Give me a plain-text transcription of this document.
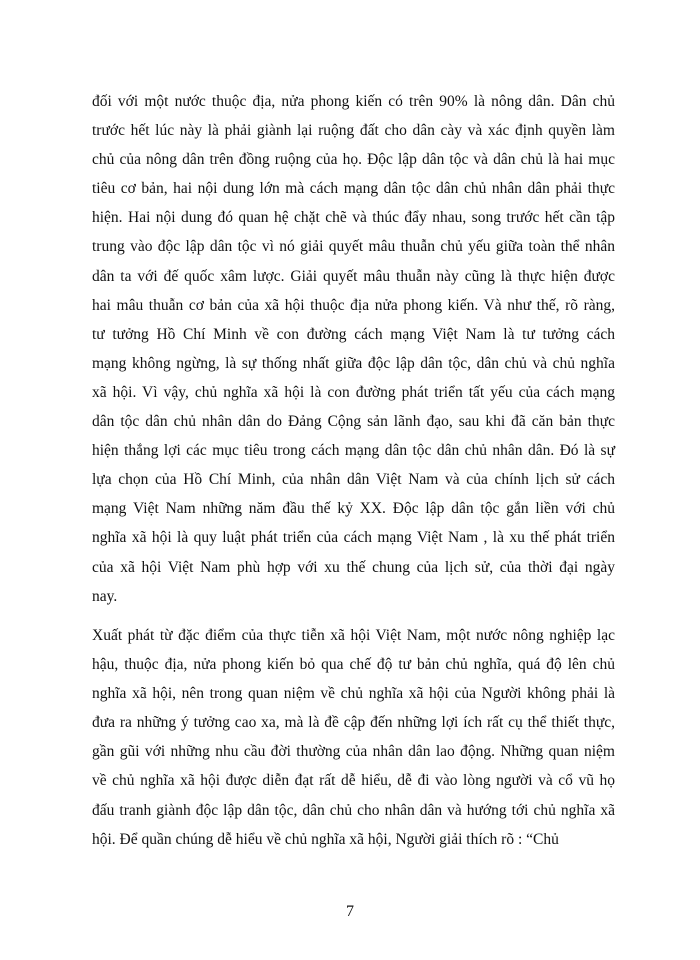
đối với một nước thuộc địa, nửa phong kiến có trên 90% là nông dân. Dân chủ
trước hết lúc này là phải giành lại ruộng đất cho dân cày và xác định quyền làm
chủ của nông dân trên đồng ruộng của họ. Độc lập dân tộc và dân chủ là hai mục
tiêu cơ bản, hai nội dung lớn mà cách mạng dân tộc dân chủ nhân dân phải thực
hiện. Hai nội dung đó quan hệ chặt chẽ và thúc đẩy nhau, song trước hết cần tập
trung vào độc lập dân tộc vì nó giải quyết mâu thuẫn chủ yếu giữa toàn thể nhân
dân ta với đế quốc xâm lược. Giải quyết mâu thuẫn này cũng là thực hiện được
hai mâu thuẫn cơ bản của xã hội thuộc địa nửa phong kiến. Và như thế, rõ ràng,
tư tưởng Hồ Chí Minh về con đường cách mạng Việt Nam là tư tưởng cách
mạng không ngừng, là sự thống nhất giữa độc lập dân tộc, dân chủ và chủ nghĩa
xã hội. Vì vậy, chủ nghĩa xã hội là con đường phát triển tất yếu của cách mạng
dân tộc dân chủ nhân dân do Đảng Cộng sản lãnh đạo, sau khi đã căn bản thực
hiện thắng lợi các mục tiêu trong cách mạng dân tộc dân chủ nhân dân. Đó là sự
lựa chọn của Hồ Chí Minh, của nhân dân Việt Nam và của chính lịch sử cách
mạng Việt Nam những năm đầu thế kỷ XX. Độc lập dân tộc gắn liền với chủ
nghĩa xã hội là quy luật phát triển của cách mạng Việt Nam , là xu thế phát triển
của xã hội Việt Nam phù hợp với xu thế chung của lịch sử, của thời đại ngày
nay.
Xuất phát từ đặc điểm của thực tiễn xã hội Việt Nam, một nước nông nghiệp lạc
hậu, thuộc địa, nửa phong kiến bỏ qua chế độ tư bản chủ nghĩa, quá độ lên chủ
nghĩa xã hội, nên trong quan niệm về chủ nghĩa xã hội của Người không phải là
đưa ra những ý tưởng cao xa, mà là đề cập đến những lợi ích rất cụ thể thiết thực,
gần gũi với những nhu cầu đời thường của nhân dân lao động. Những quan niệm
về chủ nghĩa xã hội được diễn đạt rất dễ hiểu, dễ đi vào lòng người và cổ vũ họ
đấu tranh giành độc lập dân tộc, dân chủ cho nhân dân và hướng tới chủ nghĩa xã
hội. Để quần chúng dễ hiểu về chủ nghĩa xã hội, Người giải thích rõ : “Chủ
7
